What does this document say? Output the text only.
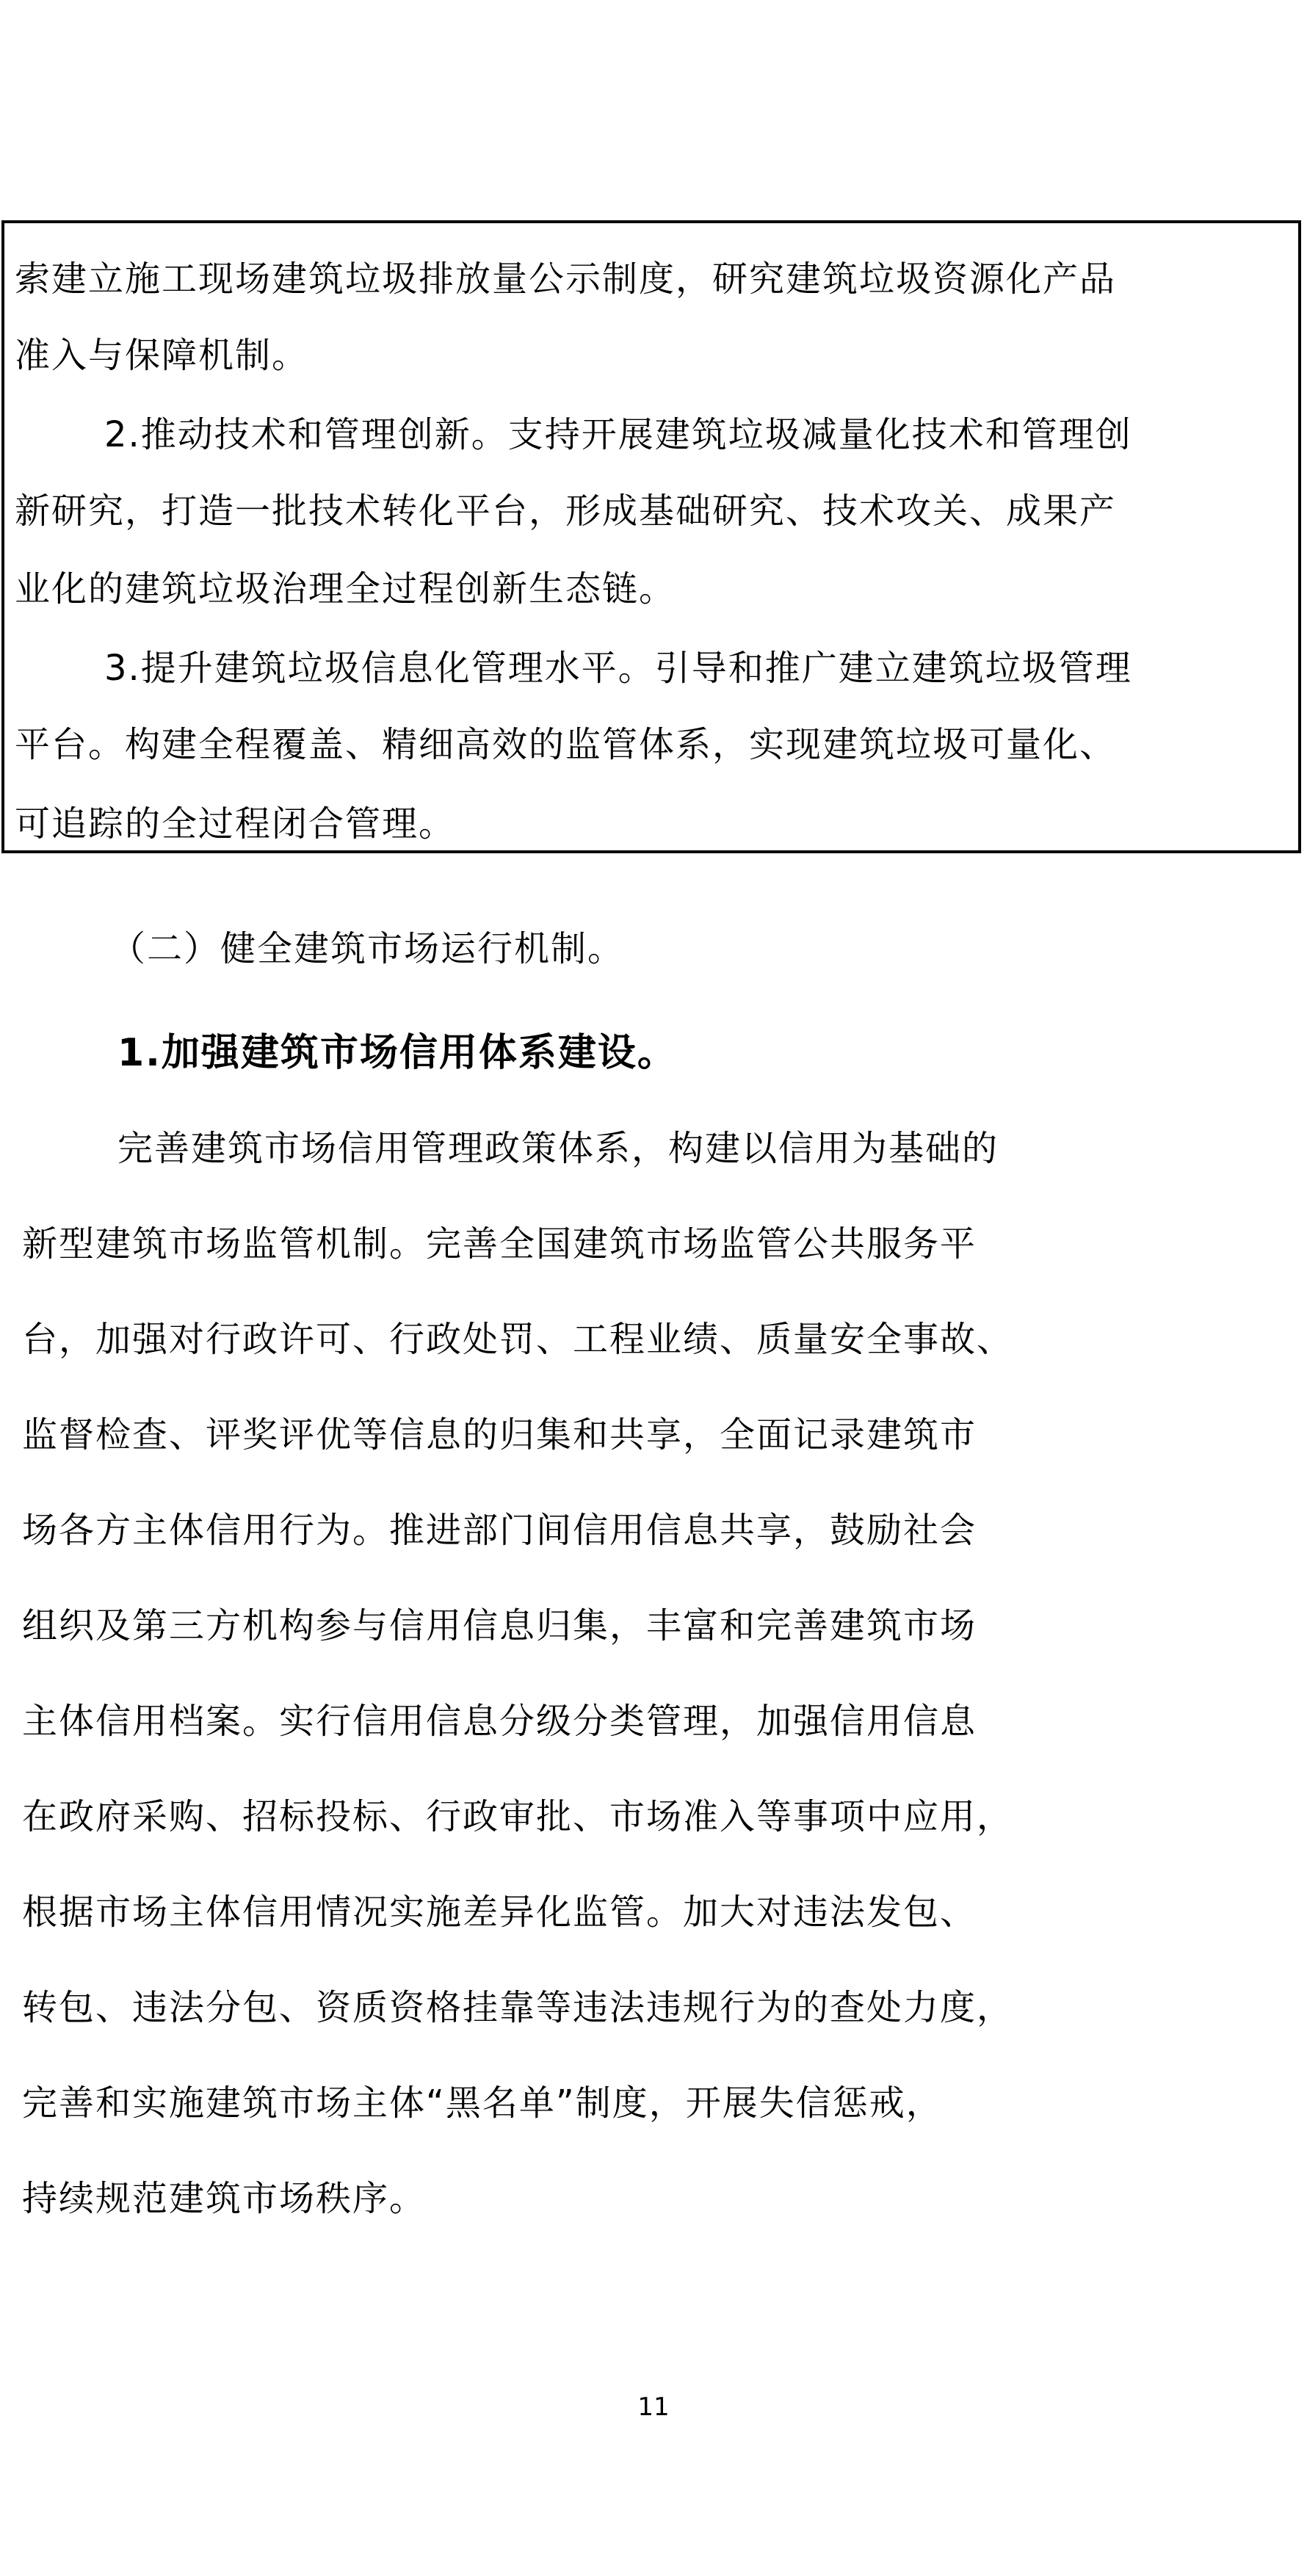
索建立施工现场建筑垃圾排放量公示制度，研究建筑垃圾资源化产品
准入与保障机制。
2.推动技术和管理创新。支持开展建筑垃圾减量化技术和管理创
新研究，打造一批技术转化平台，形成基础研究、技术攻关、成果产
业化的建筑垃圾治理全过程创新生态链。
3.提升建筑垃圾信息化管理水平。引导和推广建立建筑垃圾管理
平台。构建全程覆盖、精细高效的监管体系，实现建筑垃圾可量化、
可追踪的全过程闭合管理。
（二）健全建筑市场运行机制。
1.加强建筑市场信用体系建设。
完善建筑市场信用管理政策体系，构建以信用为基础的
新型建筑市场监管机制。完善全国建筑市场监管公共服务平
台，加强对行政许可、行政处罚、工程业绩、质量安全事故、
监督检查、评奖评优等信息的归集和共享，全面记录建筑市
场各方主体信用行为。推进部门间信用信息共享，鼓励社会
组织及第三方机构参与信用信息归集，丰富和完善建筑市场
主体信用档案。实行信用信息分级分类管理，加强信用信息
在政府采购、招标投标、行政审批、市场准入等事项中应用，
根据市场主体信用情况实施差异化监管。加大对违法发包、
转包、违法分包、资质资格挂靠等违法违规行为的查处力度，
完善和实施建筑市场主体“黑名单”制度，开展失信惩戒，
持续规范建筑市场秩序。
11
